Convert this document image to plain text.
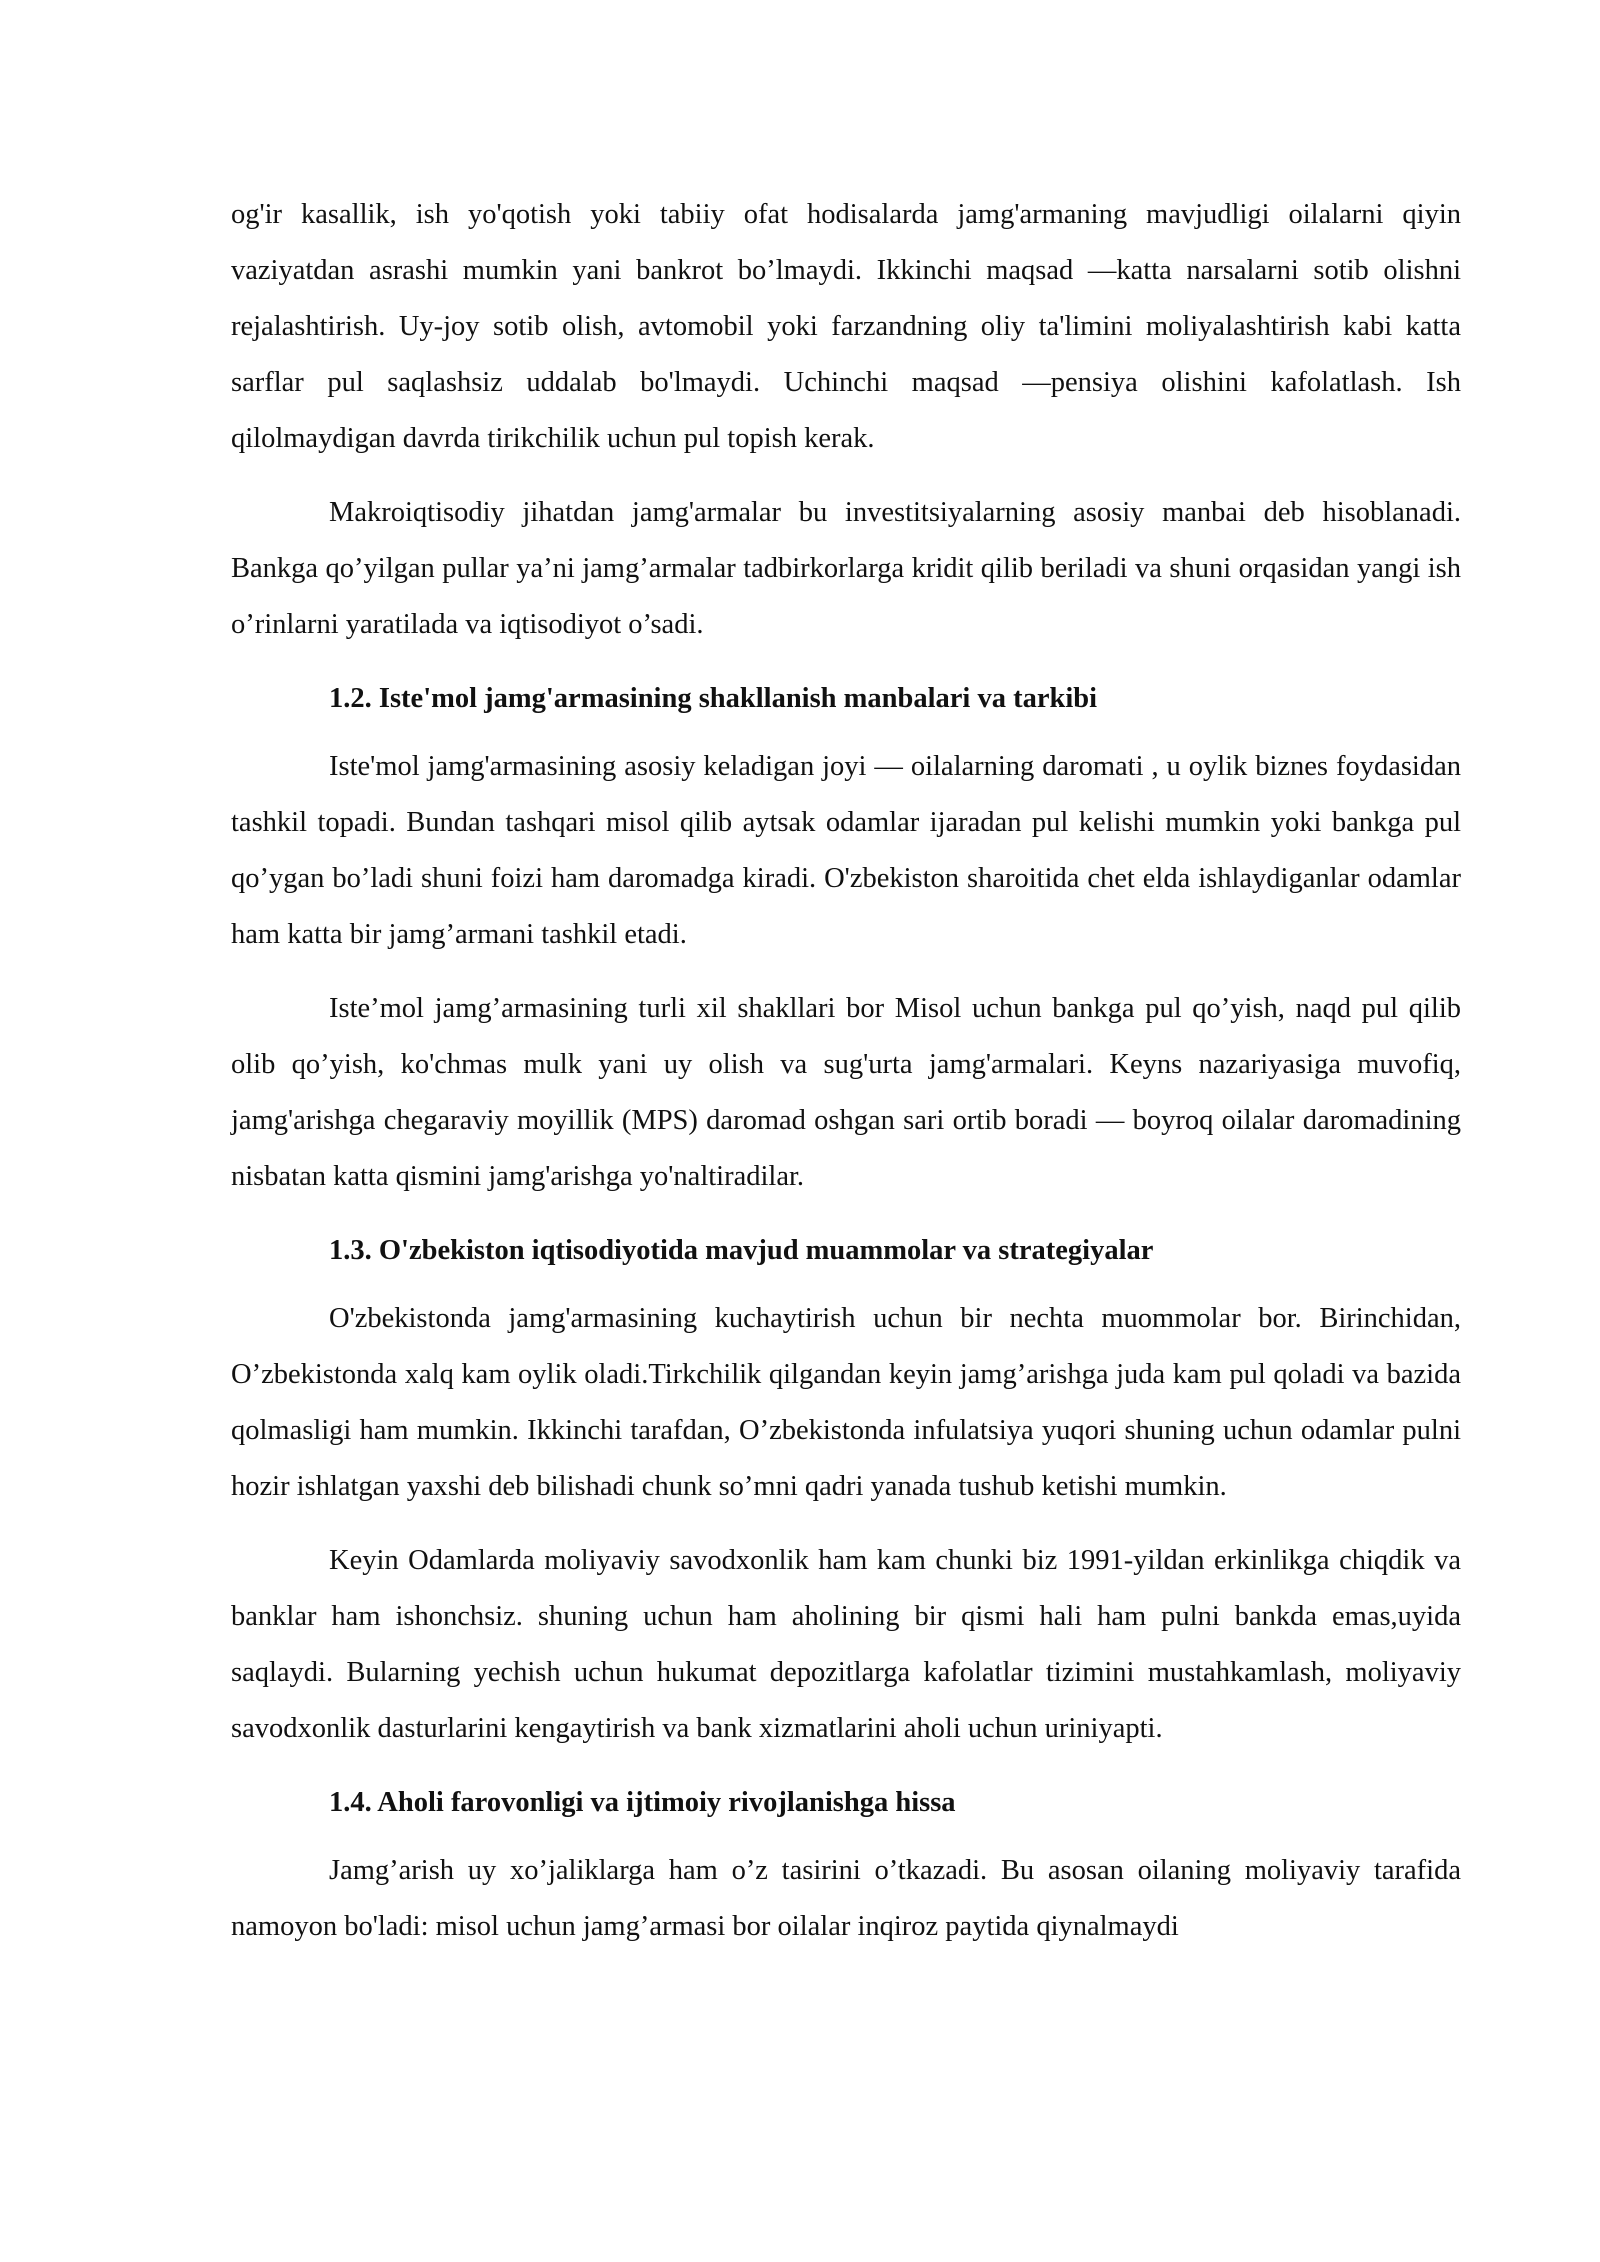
og'ir kasallik, ish yo'qotish yoki tabiiy ofat hodisalarda jamg'armaning mavjudligi oilalarni qiyin vaziyatdan asrashi mumkin yani bankrot bo’lmaydi. Ikkinchi maqsad —katta narsalarni sotib olishni rejalashtirish. Uy-joy sotib olish, avtomobil yoki farzandning oliy ta'limini moliyalashtirish kabi katta sarflar pul saqlashsiz uddalab bo'lmaydi. Uchinchi maqsad —pensiya olishini kafolatlash. Ish qilolmaydigan davrda tirikchilik uchun pul topish kerak.

Makroiqtisodiy jihatdan jamg'armalar bu investitsiyalarning asosiy manbai deb hisoblanadi. Bankga qo’yilgan pullar ya’ni jamg’armalar tadbirkorlarga kridit qilib beriladi va shuni orqasidan yangi ish o’rinlarni yaratiladа va iqtisodiyot o’sadi.

1.2. Iste'mol jamg'armasining shakllanish manbalari va tarkibi

Iste'mol jamg'armasining asosiy keladigan joyi — oilalarning daromati , u oylik biznes foydasidan tashkil topadi. Bundan tashqari misol qilib aytsak odamlar ijaradan pul kelishi mumkin yoki bankga pul qo’ygan bo’ladi shuni foizi ham daromadga kiradi. O'zbekiston sharoitida chet elda ishlaydiganlar odamlar ham katta bir jamg’armani tashkil etadi.

Iste’mol jamg’armasining turli xil shakllari bor Misol uchun bankga pul qo’yish, naqd pul qilib olib qo’yish, ko'chmas mulk yani uy olish va sug'urta jamg'armalari. Keyns nazariyasiga muvofiq, jamg'arishga chegaraviy moyillik (MPS) daromad oshgan sari ortib boradi — boyroq oilalar daromadining nisbatan katta qismini jamg'arishga yo'naltiradilar.

1.3. O'zbekiston iqtisodiyotida mavjud muammolar va strategiyalar

O'zbekistonda jamg'armasining kuchaytirish uchun bir nechta muommolar bor. Birinchidan, O’zbekistonda xalq kam oylik oladi.Tirkchilik qilgandan keyin jamg’arishga juda kam pul qoladi va bazida qolmasligi ham mumkin. Ikkinchi tarafdan, O’zbekistonda infulatsiya yuqori shuning uchun odamlar pulni hozir ishlatgan yaxshi deb bilishadi chunk so’mni qadri yanada tushub ketishi mumkin.

Keyin Odamlarda moliyaviy savodxonlik ham kam chunki biz 1991-yildan erkinlikga chiqdik va banklar ham ishonchsiz. shuning uchun ham aholining bir qismi hali ham pulni bankda emas,uyida saqlaydi. Bularning yechish uchun hukumat depozitlarga kafolatlar tizimini mustahkamlash, moliyaviy savodxonlik dasturlarini kengaytirish va bank xizmatlarini aholi uchun uriniyapti.

1.4. Aholi farovonligi va ijtimoiy rivojlanishga hissa

Jamg’arish uy xo’jaliklarga ham o’z tasirini o’tkazadi. Bu asosan oilaning moliyaviy tarafida namoyon bo'ladi: misol uchun jamg’armasi bor oilalar inqiroz paytida qiynalmaydi
